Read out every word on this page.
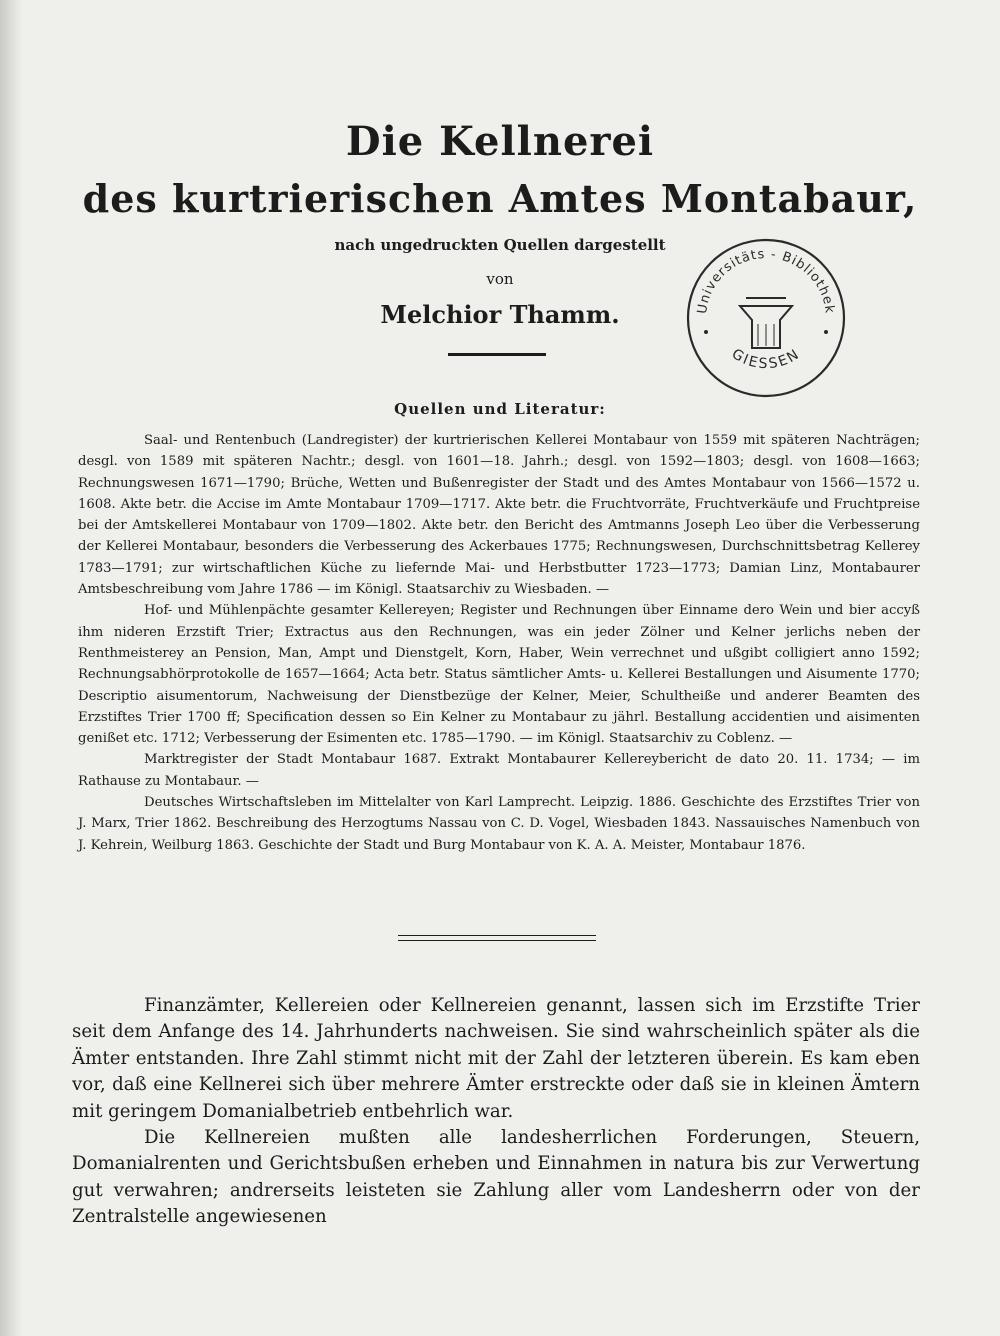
Die Kellnerei
des kurtrierischen Amtes Montabaur,
nach ungedruckten Quellen dargestellt
von
Melchior Thamm.	Universitäts - Bibliothek
GIESSEN
Quellen und Literatur:

Saal- und Rentenbuch (Landregister) der kurtrierischen Kellerei Montabaur von 1559 mit späteren Nachträgen; desgl. von 1589 mit späteren Nachtr.; desgl. von 1601—18. Jahrh.; desgl. von 1592—1803; desgl. von 1608—1663; Rechnungswesen 1671—1790; Brüche, Wetten und Bußenregister der Stadt und des Amtes Montabaur von 1566—1572 u. 1608. Akte betr. die Accise im Amte Montabaur 1709—1717. Akte betr. die Fruchtvorräte, Fruchtverkäufe und Fruchtpreise bei der Amtskellerei Montabaur von 1709—1802. Akte betr. den Bericht des Amtmanns Joseph Leo über die Verbesserung der Kellerei Montabaur, besonders die Verbesserung des Ackerbaues 1775; Rechnungswesen, Durchschnittsbetrag Kellerey 1783—1791; zur wirtschaftlichen Küche zu liefernde Mai- und Herbstbutter 1723—1773; Damian Linz, Montabaurer Amtsbeschreibung vom Jahre 1786 — im Königl. Staatsarchiv zu Wiesbaden. —

Hof- und Mühlenpächte gesamter Kellereyen; Register und Rechnungen über Einname dero Wein und bier accyß ihm nideren Erzstift Trier; Extractus aus den Rechnungen, was ein jeder Zölner und Kelner jerlichs neben der Renthmeisterey an Pension, Man, Ampt und Dienstgelt, Korn, Haber, Wein verrechnet und ußgibt colligiert anno 1592; Rechnungsabhörprotokolle de 1657—1664; Acta betr. Status sämtlicher Amts- u. Kellerei Bestallungen und Aisumente 1770; Descriptio aisumentorum, Nachweisung der Dienstbezüge der Kelner, Meier, Schultheiße und anderer Beamten des Erzstiftes Trier 1700 ff; Specification dessen so Ein Kelner zu Montabaur zu jährl. Bestallung accidentien und aisimenten genißet etc. 1712; Verbesserung der Esimenten etc. 1785—1790. — im Königl. Staatsarchiv zu Coblenz. —

Marktregister der Stadt Montabaur 1687. Extrakt Montabaurer Kellereybericht de dato 20. 11. 1734; — im Rathause zu Montabaur. —

Deutsches Wirtschaftsleben im Mittelalter von Karl Lamprecht. Leipzig. 1886. Geschichte des Erzstiftes Trier von J. Marx, Trier 1862. Beschreibung des Herzogtums Nassau von C. D. Vogel, Wiesbaden 1843. Nassauisches Namenbuch von J. Kehrein, Weilburg 1863. Geschichte der Stadt und Burg Montabaur von K. A. A. Meister, Montabaur 1876.

Finanzämter, Kellereien oder Kellnereien genannt, lassen sich im Erzstifte Trier seit dem Anfange des 14. Jahrhunderts nachweisen. Sie sind wahrscheinlich später als die Ämter entstanden. Ihre Zahl stimmt nicht mit der Zahl der letzteren überein. Es kam eben vor, daß eine Kellnerei sich über mehrere Ämter erstreckte oder daß sie in kleinen Ämtern mit geringem Domanialbetrieb entbehrlich war.

Die Kellnereien mußten alle landesherrlichen Forderungen, Steuern, Domanialrenten und Gerichtsbußen erheben und Einnahmen in natura bis zur Verwertung gut verwahren; andrerseits leisteten sie Zahlung aller vom Landesherrn oder von der Zentralstelle angewiesenen
